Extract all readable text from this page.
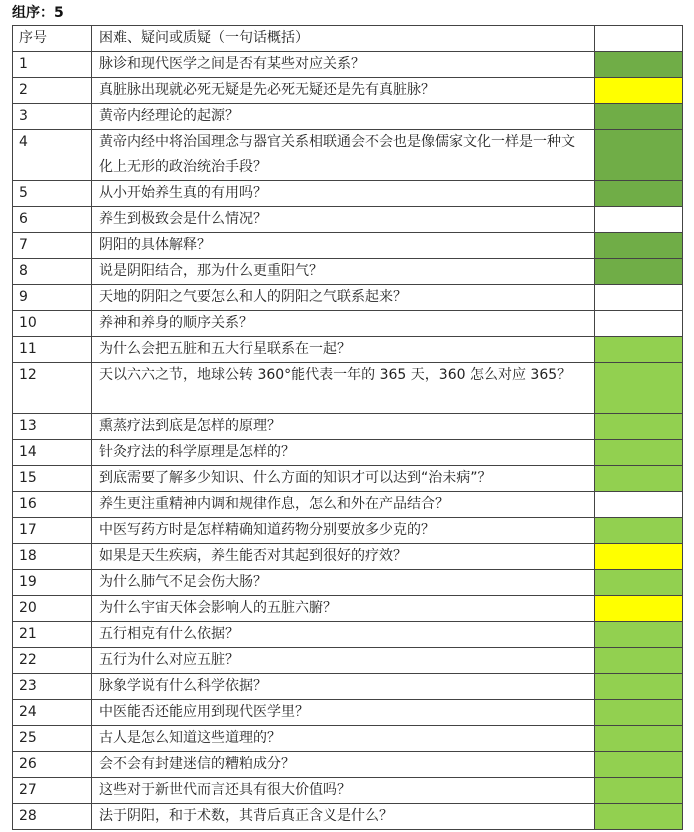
组序：5
序号	困难、疑问或质疑（一句话概括）	
1	脉诊和现代医学之间是否有某些对应关系？	
2	真脏脉出现就必死无疑是先必死无疑还是先有真脏脉？	
3	黄帝内经理论的起源？	
4	黄帝内经中将治国理念与器官关系相联通会不会也是像儒家文化一样是一种文化上无形的政治统治手段？	
5	从小开始养生真的有用吗？	
6	养生到极致会是什么情况？	
7	阴阳的具体解释？	
8	说是阴阳结合，那为什么更重阳气？	
9	天地的阴阳之气要怎么和人的阴阳之气联系起来？	
10	养神和养身的顺序关系？	
11	为什么会把五脏和五大行星联系在一起？	
12	天以六六之节，地球公转 360°能代表一年的 365 天，360 怎么对应 365？	
13	熏蒸疗法到底是怎样的原理？	
14	针灸疗法的科学原理是怎样的？	
15	到底需要了解多少知识、什么方面的知识才可以达到“治未病”？	
16	养生更注重精神内调和规律作息，怎么和外在产品结合？	
17	中医写药方时是怎样精确知道药物分别要放多少克的？	
18	如果是天生疾病，养生能否对其起到很好的疗效？	
19	为什么肺气不足会伤大肠？	
20	为什么宇宙天体会影响人的五脏六腑？	
21	五行相克有什么依据？	
22	五行为什么对应五脏？	
23	脉象学说有什么科学依据？	
24	中医能否还能应用到现代医学里？	
25	古人是怎么知道这些道理的？	
26	会不会有封建迷信的糟粕成分？	
27	这些对于新世代而言还具有很大价值吗？	
28	法于阴阳，和于术数，其背后真正含义是什么？	
